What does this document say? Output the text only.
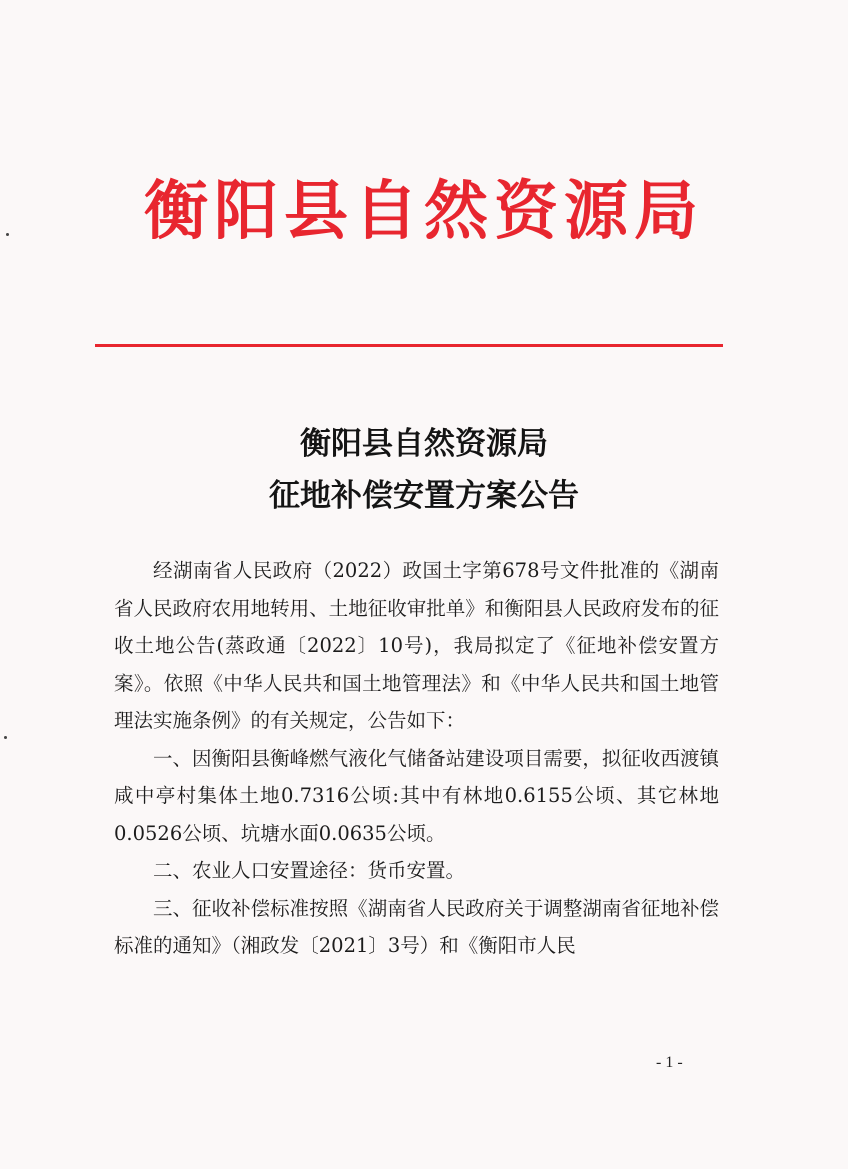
衡阳县自然资源局
衡阳县自然资源局
征地补偿安置方案公告

经湖南省人民政府（2022）政国土字第678号文件批准的《湖南省人民政府农用地转用、土地征收审批单》和衡阳县人民政府发布的征收土地公告(蒸政通〔2022〕10号)，我局拟定了《征地补偿安置方案》。依照《中华人民共和国土地管理法》和《中华人民共和国土地管理法实施条例》的有关规定，公告如下：

一、因衡阳县衡峰燃气液化气储备站建设项目需要，拟征收西渡镇咸中亭村集体土地0.7316公顷:其中有林地0.6155公顷、其它林地0.0526公顷、坑塘水面0.0635公顷。

二、农业人口安置途径：货币安置。

三、征收补偿标准按照《湖南省人民政府关于调整湖南省征地补偿标准的通知》（湘政发〔2021〕3号）和《衡阳市人民

- 1 -
